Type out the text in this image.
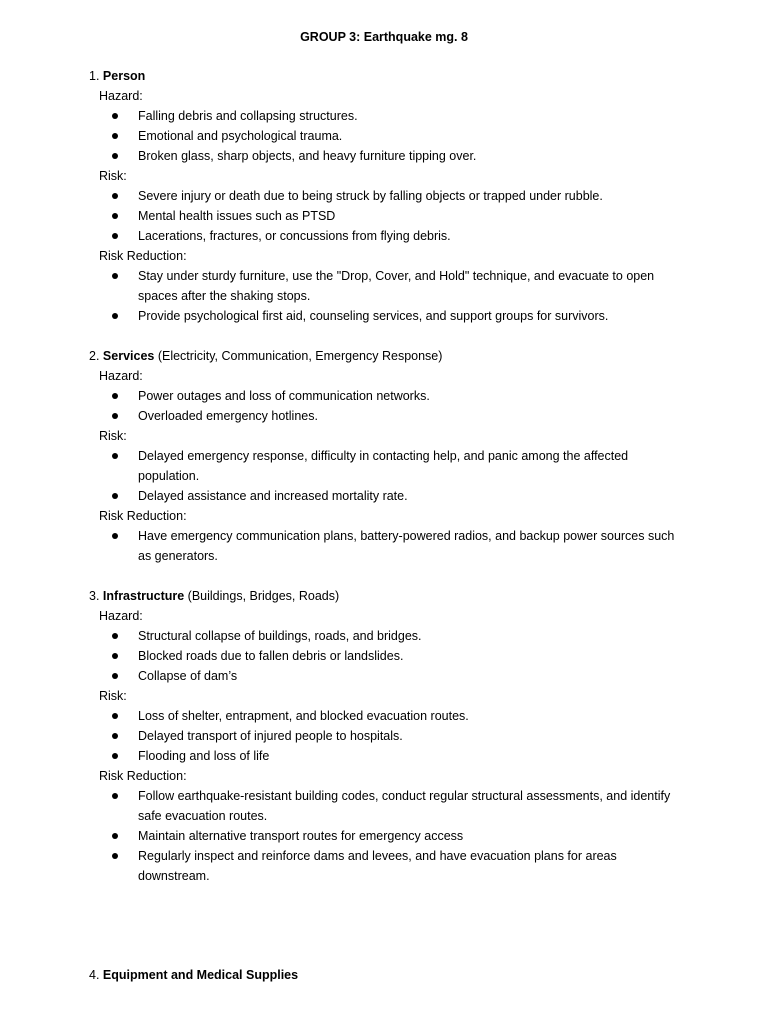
GROUP 3: Earthquake mg. 8
1. Person
Hazard:
Falling debris and collapsing structures.
Emotional and psychological trauma.
Broken glass, sharp objects, and heavy furniture tipping over.
Risk:
Severe injury or death due to being struck by falling objects or trapped under rubble.
Mental health issues such as PTSD
Lacerations, fractures, or concussions from flying debris.
Risk Reduction:
Stay under sturdy furniture, use the "Drop, Cover, and Hold" technique, and evacuate to open spaces after the shaking stops.
Provide psychological first aid, counseling services, and support groups for survivors.
2. Services (Electricity, Communication, Emergency Response)
Hazard:
Power outages and loss of communication networks.
Overloaded emergency hotlines.
Risk:
Delayed emergency response, difficulty in contacting help, and panic among the affected population.
Delayed assistance and increased mortality rate.
Risk Reduction:
Have emergency communication plans, battery-powered radios, and backup power sources such as generators.
3. Infrastructure (Buildings, Bridges, Roads)
Hazard:
Structural collapse of buildings, roads, and bridges.
Blocked roads due to fallen debris or landslides.
Collapse of dam’s
Risk:
Loss of shelter, entrapment, and blocked evacuation routes.
Delayed transport of injured people to hospitals.
Flooding and loss of life
Risk Reduction:
Follow earthquake-resistant building codes, conduct regular structural assessments, and identify safe evacuation routes.
Maintain alternative transport routes for emergency access
Regularly inspect and reinforce dams and levees, and have evacuation plans for areas downstream.
4. Equipment and Medical Supplies
